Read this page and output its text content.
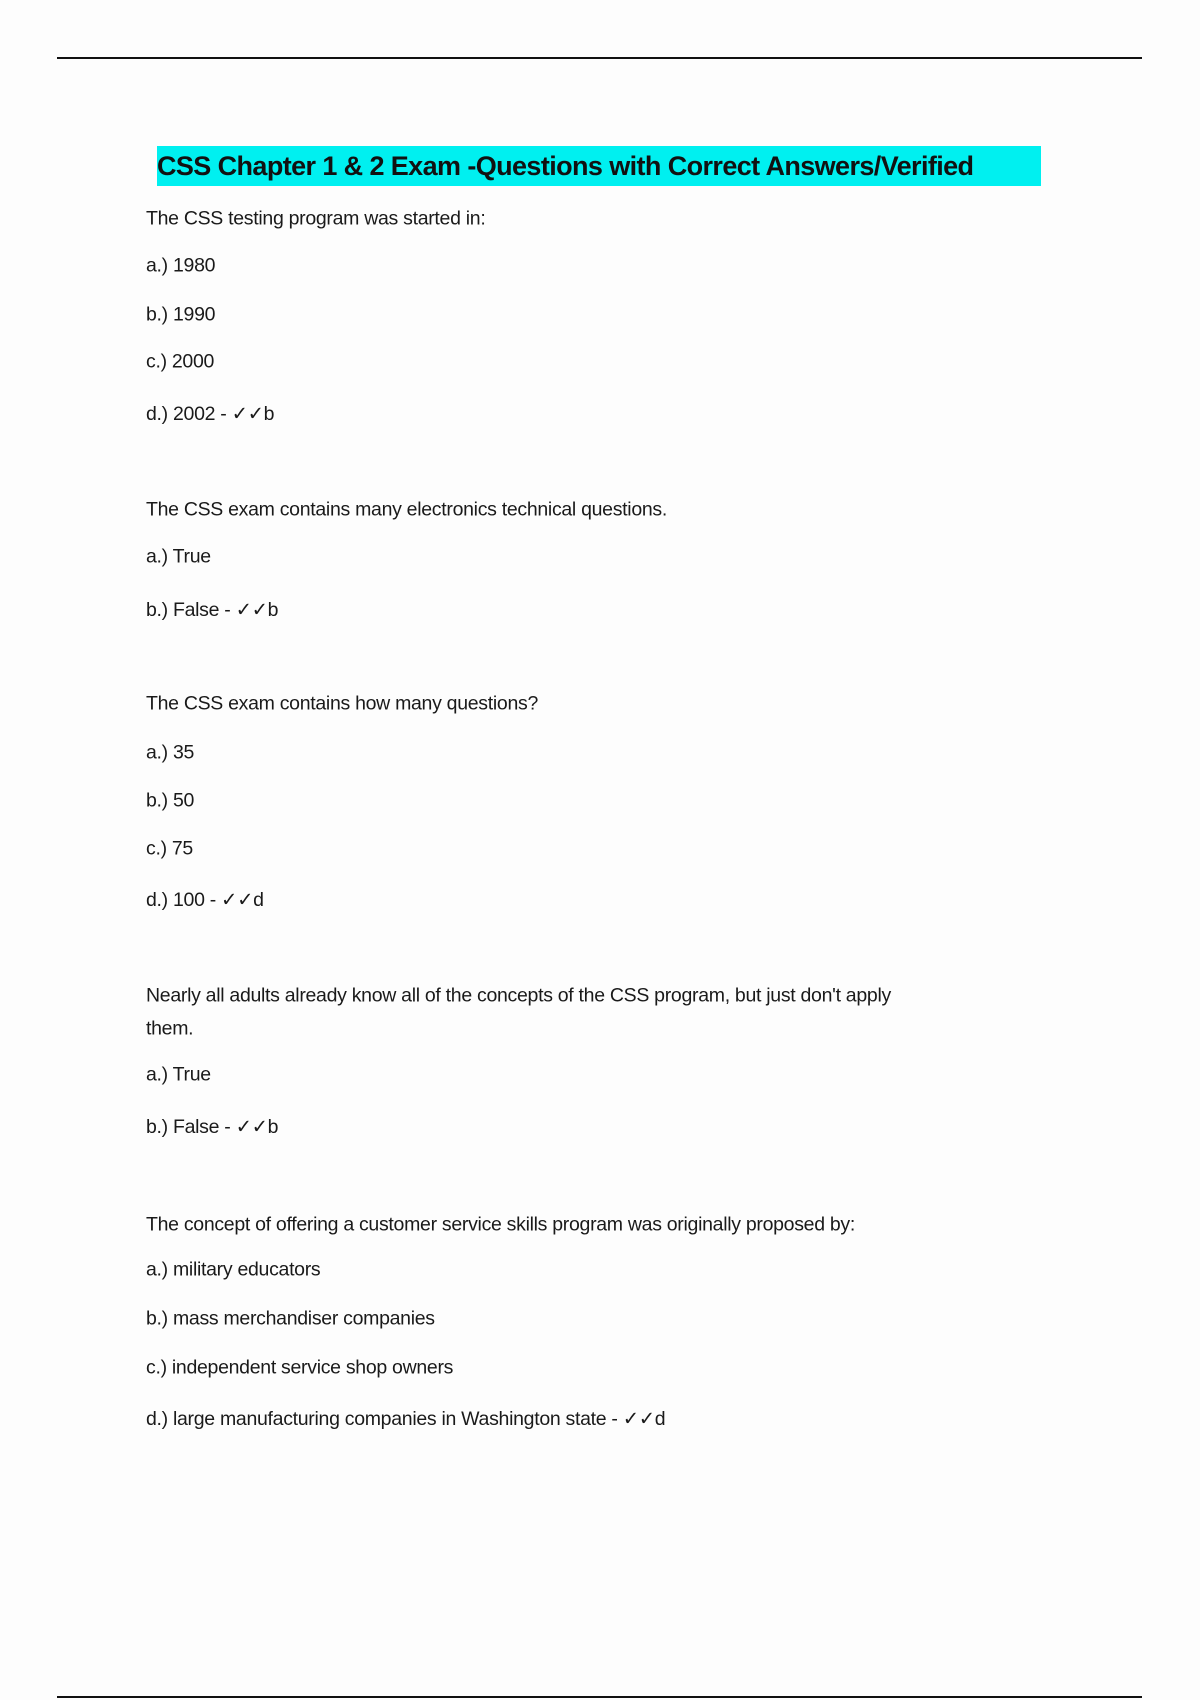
CSS Chapter 1 & 2 Exam -Questions with Correct Answers/Verified
The CSS testing program was started in:
a.) 1980
b.) 1990
c.) 2000
d.) 2002 - ✓✓b
The CSS exam contains many electronics technical questions.
a.) True
b.) False - ✓✓b
The CSS exam contains how many questions?
a.) 35
b.) 50
c.) 75
d.) 100 - ✓✓d
Nearly all adults already know all of the concepts of the CSS program, but just don't apply
them.
a.) True
b.) False - ✓✓b
The concept of offering a customer service skills program was originally proposed by:
a.) military educators
b.) mass merchandiser companies
c.) independent service shop owners
d.) large manufacturing companies in Washington state - ✓✓d
